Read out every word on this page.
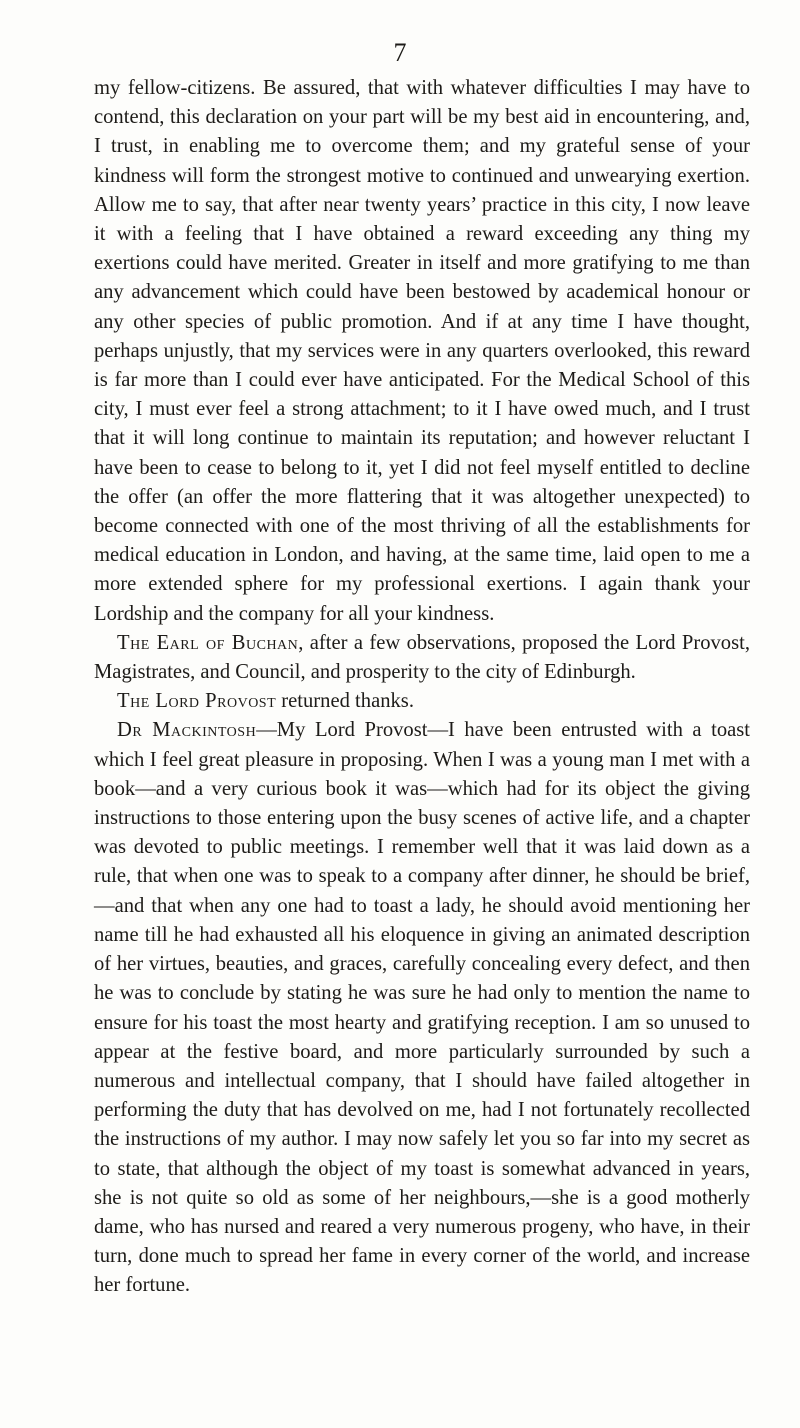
7

my fellow-citizens. Be assured, that with whatever difficulties I may have to contend, this declaration on your part will be my best aid in encountering, and, I trust, in enabling me to overcome them; and my grateful sense of your kindness will form the strongest motive to continued and unwearying exertion. Allow me to say, that after near twenty years’ practice in this city, I now leave it with a feeling that I have obtained a reward exceeding any thing my exertions could have merited. Greater in itself and more gratifying to me than any advancement which could have been bestowed by academical honour or any other species of public promotion. And if at any time I have thought, perhaps unjustly, that my services were in any quarters overlooked, this reward is far more than I could ever have anticipated. For the Medical School of this city, I must ever feel a strong attachment; to it I have owed much, and I trust that it will long continue to maintain its reputation; and however reluctant I have been to cease to belong to it, yet I did not feel myself entitled to decline the offer (an offer the more flattering that it was altogether unexpected) to become connected with one of the most thriving of all the establishments for medical education in London, and having, at the same time, laid open to me a more extended sphere for my professional exertions. I again thank your Lordship and the company for all your kindness.

The Earl of Buchan, after a few observations, proposed the Lord Provost, Magistrates, and Council, and prosperity to the city of Edinburgh.

The Lord Provost returned thanks.

Dr Mackintosh—My Lord Provost—I have been entrusted with a toast which I feel great pleasure in proposing. When I was a young man I met with a book—and a very curious book it was—which had for its object the giving instructions to those entering upon the busy scenes of active life, and a chapter was devoted to public meetings. I remember well that it was laid down as a rule, that when one was to speak to a company after dinner, he should be brief,—and that when any one had to toast a lady, he should avoid mentioning her name till he had exhausted all his eloquence in giving an animated description of her virtues, beauties, and graces, carefully concealing every defect, and then he was to conclude by stating he was sure he had only to mention the name to ensure for his toast the most hearty and gratifying reception. I am so unused to appear at the festive board, and more particularly surrounded by such a numerous and intellectual company, that I should have failed altogether in performing the duty that has devolved on me, had I not fortunately recollected the instructions of my author. I may now safely let you so far into my secret as to state, that although the object of my toast is somewhat advanced in years, she is not quite so old as some of her neighbours,—she is a good motherly dame, who has nursed and reared a very numerous progeny, who have, in their turn, done much to spread her fame in every corner of the world, and increase her fortune.
